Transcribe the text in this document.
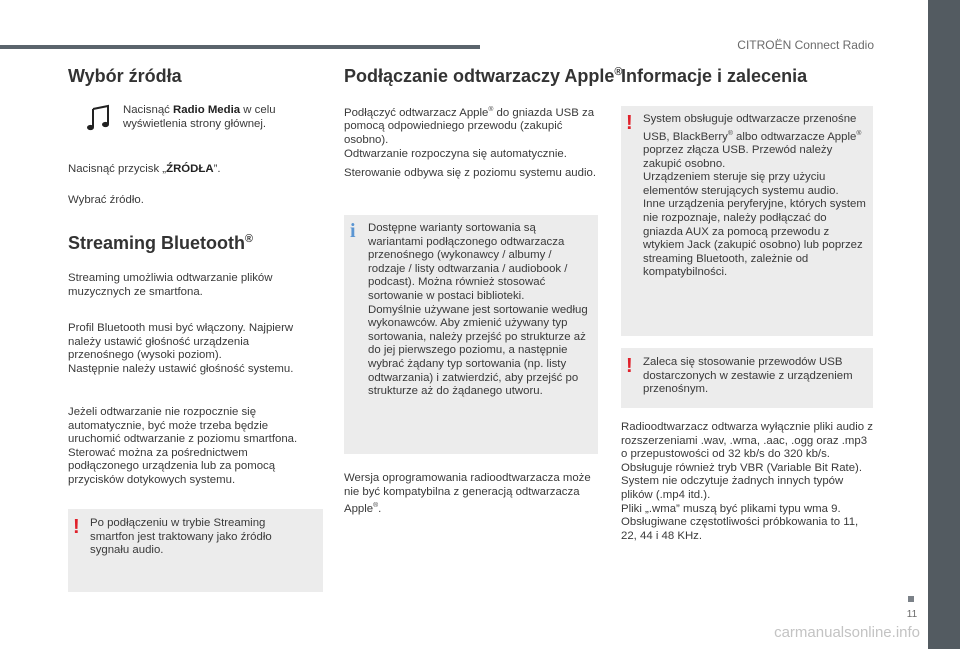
CITROËN Connect Radio
11
carmanualsonline.info
Wybór źródła
Nacisnąć Radio Media w celu wyświetlenia strony głównej.
Nacisnąć przycisk „ŹRÓDŁA”.
Wybrać źródło.
Streaming Bluetooth®
Streaming umożliwia odtwarzanie plików muzycznych ze smartfona.
Profil Bluetooth musi być włączony. Najpierw należy ustawić głośność urządzenia przenośnego (wysoki poziom).
Następnie należy ustawić głośność systemu.
Jeżeli odtwarzanie nie rozpocznie się automatycznie, być może trzeba będzie uruchomić odtwarzanie z poziomu smartfona. Sterować można za pośrednictwem podłączonego urządzenia lub za pomocą przycisków dotykowych systemu.
! Po podłączeniu w trybie Streaming smartfon jest traktowany jako źródło sygnału audio.
Podłączanie odtwarzaczy Apple®
Podłączyć odtwarzacz Apple® do gniazda USB za pomocą odpowiedniego przewodu (zakupić osobno).
Odtwarzanie rozpoczyna się automatycznie.
Sterowanie odbywa się z poziomu systemu audio.
i Dostępne warianty sortowania są wariantami podłączonego odtwarzacza przenośnego (wykonawcy / albumy / rodzaje / listy odtwarzania / audiobook / podcast). Można również stosować sortowanie w postaci biblioteki.
Domyślnie używane jest sortowanie według wykonawców. Aby zmienić używany typ sortowania, należy przejść po strukturze aż do jej pierwszego poziomu, a następnie wybrać żądany typ sortowania (np. listy odtwarzania) i zatwierdzić, aby przejść po strukturze aż do żądanego utworu.
Wersja oprogramowania radioodtwarzacza może nie być kompatybilna z generacją odtwarzacza Apple®.
Informacje i zalecenia
! System obsługuje odtwarzacze przenośne USB, BlackBerry® albo odtwarzacze Apple® poprzez złącza USB. Przewód należy zakupić osobno.
Urządzeniem steruje się przy użyciu elementów sterujących systemu audio.
Inne urządzenia peryferyjne, których system nie rozpoznaje, należy podłączać do gniazda AUX za pomocą przewodu z wtykiem Jack (zakupić osobno) lub poprzez streaming Bluetooth, zależnie od kompatybilności.
! Zaleca się stosowanie przewodów USB dostarczonych w zestawie z urządzeniem przenośnym.
Radioodtwarzacz odtwarza wyłącznie pliki audio z rozszerzeniami .wav, .wma, .aac, .ogg oraz .mp3 o przepustowości od 32 kb/s do 320 kb/s.
Obsługuje również tryb VBR (Variable Bit Rate).
System nie odczytuje żadnych innych typów plików (.mp4 itd.).
Pliki „.wma” muszą być plikami typu wma 9.
Obsługiwane częstotliwości próbkowania to 11, 22, 44 i 48 KHz.
